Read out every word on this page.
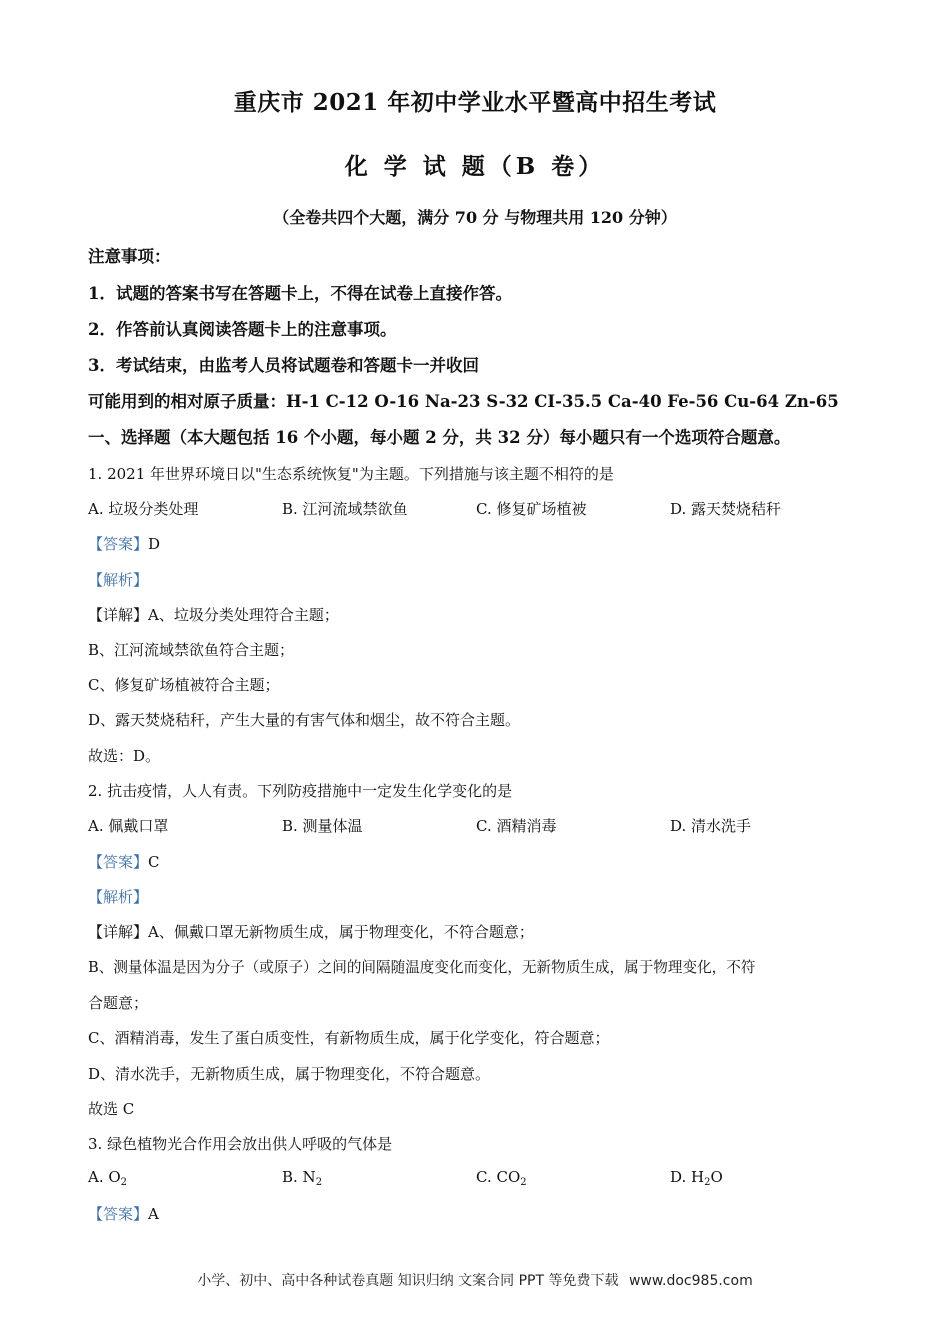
重庆市 2021 年初中学业水平暨高中招生考试
化 学 试 题（B 卷）
（全卷共四个大题，满分 70 分 与物理共用 120 分钟）
注意事项：
1．试题的答案书写在答题卡上，不得在试卷上直接作答。
2．作答前认真阅读答题卡上的注意事项。
3．考试结束，由监考人员将试题卷和答题卡一并收回
可能用到的相对原子质量：H-1 C-12 O-16 Na-23 S-32 CI-35.5 Ca-40 Fe-56 Cu-64 Zn-65
一、选择题（本大题包括 16 个小题，每小题 2 分，共 32 分）每小题只有一个选项符合题意。
1. 2021 年世界环境日以"生态系统恢复"为主题。下列措施与该主题不相符的是
A. 垃圾分类处理	B. 江河流域禁欲鱼	C. 修复矿场植被	D. 露天焚烧秸秆
【答案】D
【解析】
【详解】A、垃圾分类处理符合主题；
B、江河流域禁欲鱼符合主题；
C、修复矿场植被符合主题；
D、露天焚烧秸秆，产生大量的有害气体和烟尘，故不符合主题。
故选：D。
2. 抗击疫情，人人有责。下列防疫措施中一定发生化学变化的是
A. 佩戴口罩	B. 测量体温	C. 酒精消毒	D. 清水洗手
【答案】C
【解析】
【详解】A、佩戴口罩无新物质生成，属于物理变化，不符合题意；
B、测量体温是因为分子（或原子）之间的间隔随温度变化而变化，无新物质生成，属于物理变化，不符
合题意；
C、酒精消毒，发生了蛋白质变性，有新物质生成，属于化学变化，符合题意；
D、清水洗手，无新物质生成，属于物理变化，不符合题意。
故选 C
3. 绿色植物光合作用会放出供人呼吸的气体是
A. $O_2$	B. $N_2$	C. $CO_2$	D. $H_2O$
【答案】A
小学、初中、高中各种试卷真题 知识归纳 文案合同 PPT 等免费下载 www.doc985.com
